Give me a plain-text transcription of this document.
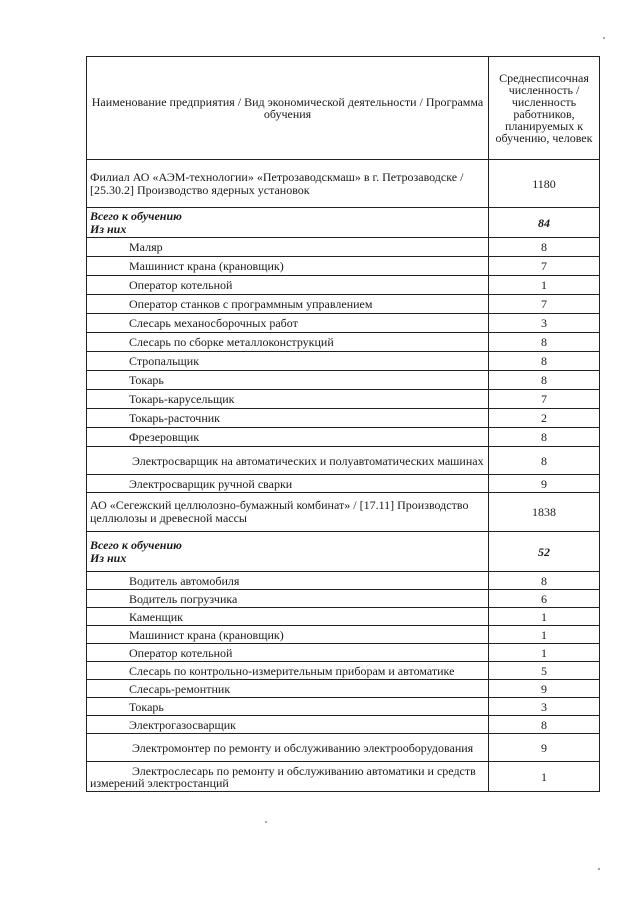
Наименование предприятия / Вид экономической деятельности / Программа обучения	Среднесписочная численность / численность работников, планируемых к обучению, человек
Филиал АО «АЭМ-технологии» «Петрозаводскмаш» в г. Петрозаводске / [25.30.2] Производство ядерных установок	1180

Всего к обучению
Из них	84
Маляр	8
Машинист крана (крановщик)	7
Оператор котельной	1
Оператор станков с программным управлением	7
Слесарь механосборочных работ	3
Слесарь по сборке металлоконструкций	8
Стропальщик	8
Токарь	8
Токарь-карусельщик	7
Токарь-расточник	2
Фрезеровщик	8
Электросварщик на автоматических и полуавтоматических машинах	8
Электросварщик ручной сварки	9
АО «Сегежский целлюлозно-бумажный комбинат» / [17.11] Производство целлюлозы и древесной массы	1838

Всего к обучению
Из них	52
Водитель автомобиля	8
Водитель погрузчика	6
Каменщик	1
Машинист крана (крановщик)	1
Оператор котельной	1
Слесарь по контрольно-измерительным приборам и автоматике	5
Слесарь-ремонтник	9
Токарь	3
Электрогазосварщик	8
Электромонтер по ремонту и обслуживанию электрооборудования	9
Электрослесарь по ремонту и обслуживанию автоматики и средств измерений электростанций	1
